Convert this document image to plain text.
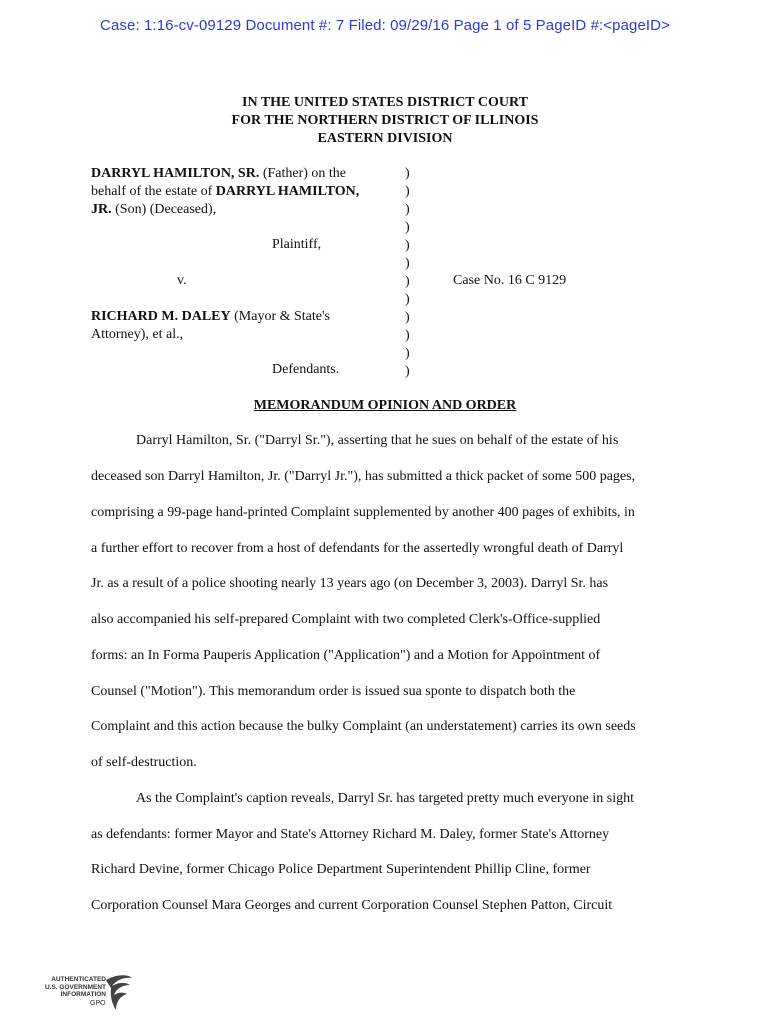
Case: 1:16-cv-09129 Document #: 7 Filed: 09/29/16 Page 1 of 5 PageID #:<pageID>
IN THE UNITED STATES DISTRICT COURT
FOR THE NORTHERN DISTRICT OF ILLINOIS
EASTERN DIVISION
DARRYL HAMILTON, SR. (Father) on the
behalf of the estate of DARRYL HAMILTON,
JR. (Son) (Deceased),
Plaintiff,
v.
RICHARD M. DALEY (Mayor & State's
Attorney), et al.,
Defendants.
)
)
)
)
)
)
)
)
)
)
)
)
Case No. 16 C 9129
MEMORANDUM OPINION AND ORDER
Darryl Hamilton, Sr. ("Darryl Sr."), asserting that he sues on behalf of the estate of his
deceased son Darryl Hamilton, Jr. ("Darryl Jr."), has submitted a thick packet of some 500 pages,
comprising a 99-page hand-printed Complaint supplemented by another 400 pages of exhibits, in
a further effort to recover from a host of defendants for the assertedly wrongful death of Darryl
Jr. as a result of a police shooting nearly 13 years ago (on December 3, 2003). Darryl Sr. has
also accompanied his self-prepared Complaint with two completed Clerk's-Office-supplied
forms: an In Forma Pauperis Application ("Application") and a Motion for Appointment of
Counsel ("Motion"). This memorandum order is issued sua sponte to dispatch both the
Complaint and this action because the bulky Complaint (an understatement) carries its own seeds
of self-destruction.
As the Complaint's caption reveals, Darryl Sr. has targeted pretty much everyone in sight
as defendants: former Mayor and State's Attorney Richard M. Daley, former State's Attorney
Richard Devine, former Chicago Police Department Superintendent Phillip Cline, former
Corporation Counsel Mara Georges and current Corporation Counsel Stephen Patton, Circuit
AUTHENTICATED
U.S. GOVERNMENT
INFORMATION
GPO
